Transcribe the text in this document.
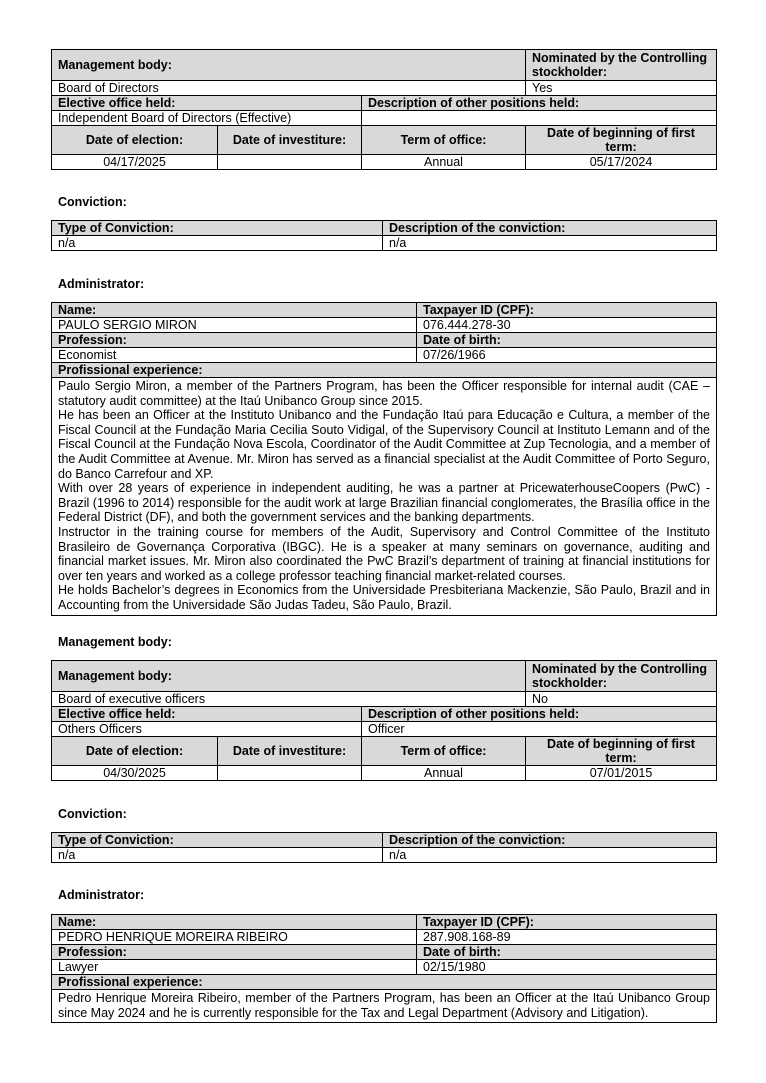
Management body:			Nominated by the Controlling stockholder:
Board of Directors			Yes
Elective office held:		Description of other positions held:	
Independent Board of Directors (Effective)			
Date of election:	Date of investiture:	Term of office:	Date of beginning of first term:
04/17/2025		Annual	05/17/2024
Conviction:
Type of Conviction:	Description of the conviction:
n/a	n/a
Administrator:
Name:	Taxpayer ID (CPF):
PAULO SERGIO MIRON	076.444.278-30
Profession:	Date of birth:
Economist	07/26/1966
Profissional experience:	

Paulo Sergio Miron, a member of the Partners Program, has been the Officer responsible for internal audit (CAE – statutory audit committee) at the Itaú Unibanco Group since 2015.
He has been an Officer at the Instituto Unibanco and the Fundação Itaú para Educação e Cultura, a member of the Fiscal Council at the Fundação Maria Cecilia Souto Vidigal, of the Supervisory Council at Instituto Lemann and of the Fiscal Council at the Fundação Nova Escola, Coordinator of the Audit Committee at Zup Tecnologia, and a member of the Audit Committee at Avenue. Mr. Miron has served as a financial specialist at the Audit Committee of Porto Seguro, do Banco Carrefour and XP.
With over 28 years of experience in independent auditing, he was a partner at PricewaterhouseCoopers (PwC) - Brazil (1996 to 2014) responsible for the audit work at large Brazilian financial conglomerates, the Brasília office in the Federal District (DF), and both the government services and the banking departments.
Instructor in the training course for members of the Audit, Supervisory and Control Committee of the Instituto Brasileiro de Governança Corporativa (IBGC). He is a speaker at many seminars on governance, auditing and financial market issues. Mr. Miron also coordinated the PwC Brazil’s department of training at financial institutions for over ten years and worked as a college professor teaching financial market-related courses.
He holds Bachelor’s degrees in Economics from the Universidade Presbiteriana Mackenzie, São Paulo, Brazil and in Accounting from the Universidade São Judas Tadeu, São Paulo, Brazil.	
Management body:
Management body:			Nominated by the Controlling stockholder:
Board of executive officers			No
Elective office held:		Description of other positions held:	
Others Officers		Officer	
Date of election:	Date of investiture:	Term of office:	Date of beginning of first term:
04/30/2025		Annual	07/01/2015
Conviction:
Type of Conviction:	Description of the conviction:
n/a	n/a
Administrator:
Name:	Taxpayer ID (CPF):
PEDRO HENRIQUE MOREIRA RIBEIRO	287.908.168-89
Profession:	Date of birth:
Lawyer	02/15/1980
Profissional experience:	

Pedro Henrique Moreira Ribeiro, member of the Partners Program, has been an Officer at the Itaú Unibanco Group since May 2024 and he is currently responsible for the Tax and Legal Department (Advisory and Litigation).	
